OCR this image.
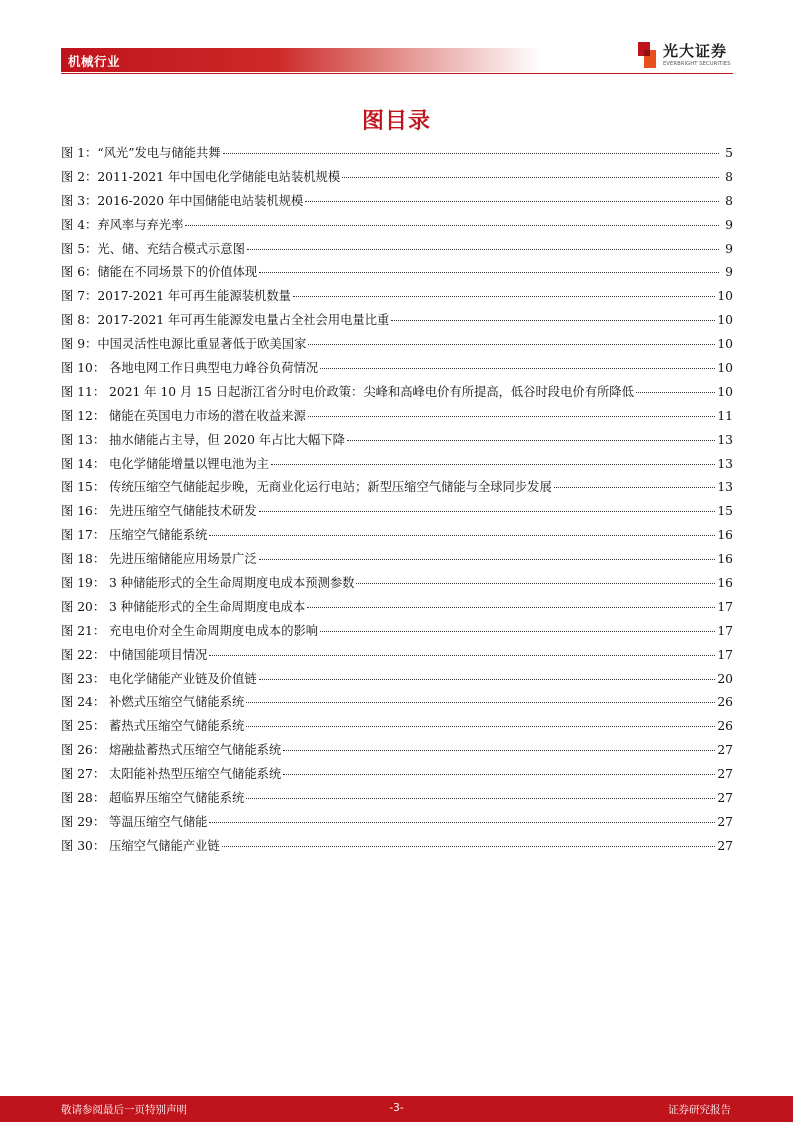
机械行业
光大证券
EVERBRIGHT SECURITIES
图目录
图 1：“风光”发电与储能共舞	5
图 2：2011-2021 年中国电化学储能电站装机规模	8
图 3：2016-2020 年中国储能电站装机规模	8
图 4：弃风率与弃光率	9
图 5：光、储、充结合模式示意图	9
图 6：储能在不同场景下的价值体现	9
图 7：2017-2021 年可再生能源装机数量	10
图 8：2017-2021 年可再生能源发电量占全社会用电量比重	10
图 9：中国灵活性电源比重显著低于欧美国家	10
图 10： 各地电网工作日典型电力峰谷负荷情况	10
图 11： 2021 年 10 月 15 日起浙江省分时电价政策：尖峰和高峰电价有所提高，低谷时段电价有所降低	10
图 12： 储能在英国电力市场的潜在收益来源	11
图 13： 抽水储能占主导，但 2020 年占比大幅下降	13
图 14： 电化学储能增量以锂电池为主	13
图 15： 传统压缩空气储能起步晚，无商业化运行电站；新型压缩空气储能与全球同步发展	13
图 16： 先进压缩空气储能技术研发	15
图 17： 压缩空气储能系统	16
图 18： 先进压缩储能应用场景广泛	16
图 19： 3 种储能形式的全生命周期度电成本预测参数	16
图 20： 3 种储能形式的全生命周期度电成本	17
图 21： 充电电价对全生命周期度电成本的影响	17
图 22： 中储国能项目情况	17
图 23： 电化学储能产业链及价值链	20
图 24： 补燃式压缩空气储能系统	26
图 25： 蓄热式压缩空气储能系统	26
图 26： 熔融盐蓄热式压缩空气储能系统	27
图 27： 太阳能补热型压缩空气储能系统	27
图 28： 超临界压缩空气储能系统	27
图 29： 等温压缩空气储能	27
图 30： 压缩空气储能产业链	27
敬请参阅最后一页特别声明	-3-	证券研究报告
